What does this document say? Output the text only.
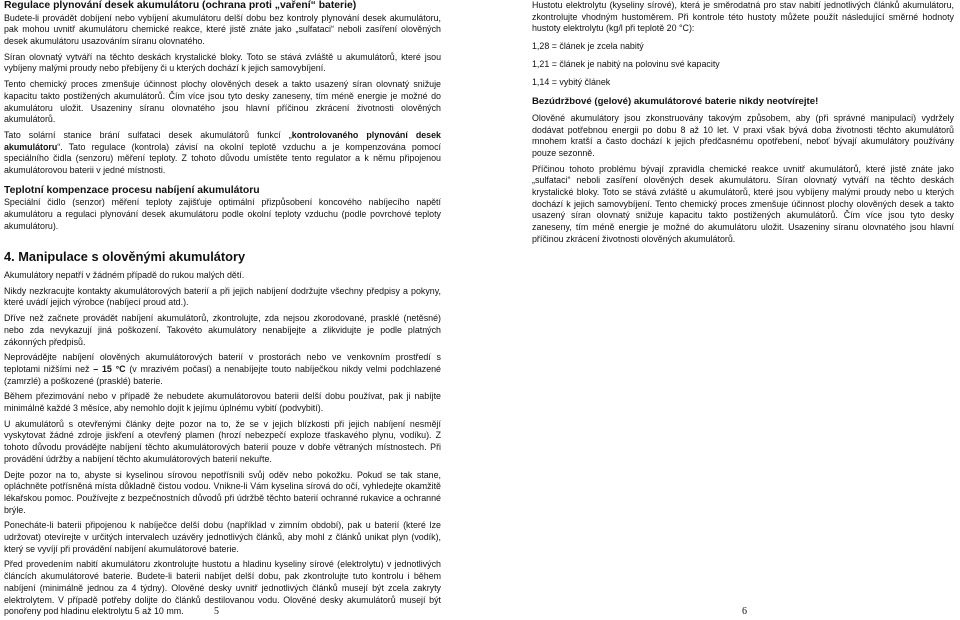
Regulace plynování desek akumulátoru (ochrana proti „vaření“ baterie)

Budete-li provádět dobíjení nebo vybíjení akumulátoru delší dobu bez kontroly plynování desek akumulátoru, pak mohou uvnitř akumulátoru chemické reakce, které jistě znáte jako „sulfataci“ neboli zasíření olověných desek akumulátoru usazováním síranu olovnatého.

Síran olovnatý vytváří na těchto deskách krystalické bloky. Toto se stává zvláště u akumulátorů, které jsou vybíjeny malými proudy nebo přebíjeny či u kterých dochází k jejich samovybíjení.

Tento chemický proces zmenšuje účinnost plochy olověných desek a takto usazený síran olovnatý snižuje kapacitu takto postižených akumulátorů. Čím více jsou tyto desky zaneseny, tím méně energie je možné do akumulátoru uložit. Usazeniny síranu olovnatého jsou hlavní příčinou zkrácení životnosti olověných akumulátorů.

Tato solární stanice brání sulfataci desek akumulátorů funkcí „kontrolovaného plynování desek akumulátoru“. Tato regulace (kontrola) závisí na okolní teplotě vzduchu a je kompenzována pomocí speciálního čidla (senzoru) měření teploty. Z tohoto důvodu umístěte tento regulator a k němu připojenou akumulátorovou baterii v jedné místnosti.

Teplotní kompenzace procesu nabíjení akumulátoru

Speciální čidlo (senzor) měření teploty zajišťuje optimální přizpůsobení koncového nabíjecího napětí akumulátoru a regulaci plynování desek akumulátoru podle okolní teploty vzduchu (podle povrchové teploty akumulátoru).

4. Manipulace s olověnými akumulátory

Akumulátory nepatří v žádném případě do rukou malých dětí.

Nikdy nezkracujte kontakty akumulátorových baterií a při jejich nabíjení dodržujte všechny předpisy a pokyny, které uvádí jejich výrobce (nabíjecí proud atd.).

Dříve než začnete provádět nabíjení akumulátorů, zkontrolujte, zda nejsou zkorodované, prasklé (netěsné) nebo zda nevykazují jiná poškození. Takovéto akumulátory nenabíjejte a zlikvidujte je podle platných zákonných předpisů.

Neprovádějte nabíjení olověných akumulátorových baterií v prostorách nebo ve venkovním prostředí s teplotami nižšími než – 15 °C (v mrazivém počasí) a nenabíjejte touto nabíječkou nikdy velmi podchlazené (zamrzlé) a poškozené (prasklé) baterie.

Během přezimování nebo v případě že nebudete akumulátorovou baterii delší dobu používat, pak ji nabíjte minimálně každé 3 měsíce, aby nemohlo dojít k jejímu úplnému vybití (podvybití).

U akumulátorů s otevřenými články dejte pozor na to, že se v jejich blízkosti při jejich nabíjení nesmějí vyskytovat žádné zdroje jiskření a otevřený plamen (hrozí nebezpečí exploze třaskavého plynu, vodíku). Z tohoto důvodu provádějte nabíjení těchto akumulátorových baterií pouze v dobře větraných místnostech. Při provádění údržby a nabíjení těchto akumulátorových baterií nekuřte.

Dejte pozor na to, abyste si kyselinou sírovou nepotřísnili svůj oděv nebo pokožku. Pokud se tak stane, opláchněte potřísněná místa důkladně čistou vodou. Vnikne-li Vám kyselina sírová do očí, vyhledejte okamžitě lékařskou pomoc. Používejte z bezpečnostních důvodů při údržbě těchto baterií ochranné rukavice a ochranné brýle.

Ponecháte-li baterii připojenou k nabíječce delší dobu (například v zimním období), pak u baterií (které lze udržovat) otevírejte v určitých intervalech uzávěry jednotlivých článků, aby mohl z článků unikat plyn (vodík), který se vyvíjí při provádění nabíjení akumulátorové baterie.

Před provedením nabití akumulátoru zkontrolujte hustotu a hladinu kyseliny sírové (elektrolytu) v jednotlivých článcích akumulátorové baterie. Budete-li baterii nabíjet delší dobu, pak zkontrolujte tuto kontrolu i během nabíjení (minimálně jednou za 4 týdny). Olověné desky uvnitř jednotlivých článků musejí být zcela zakryty elektrolytem. V případě potřeby dolijte do článků destilovanou vodu. Olověné desky akumulátorů musejí být ponořeny pod hladinu elektrolytu 5 až 10 mm.

Hustotu elektrolytu (kyseliny sírové), která je směrodatná pro stav nabití jednotlivých článků akumulátoru, zkontrolujte vhodným hustoměrem. Při kontrole této hustoty můžete použít následující směrné hodnoty hustoty elektrolytu (kg/l při teplotě 20 °C):

1,28 = článek je zcela nabitý

1,21 = článek je nabitý na polovinu své kapacity

1,14 = vybitý článek

Bezúdržbové (gelové) akumulátorové baterie nikdy neotvírejte!

Olověné akumulátory jsou zkonstruovány takovým způsobem, aby (při správné manipulaci) vydržely dodávat potřebnou energii po dobu 8 až 10 let. V praxi však bývá doba životnosti těchto akumulátorů mnohem kratší a často dochází k jejich předčasnému opotřebení, neboť bývají akumulátory používány pouze sezonně.

Příčinou tohoto problému bývají zpravidla chemické reakce uvnitř akumulátorů, které jistě znáte jako „sulfataci“ neboli zasíření olověných desek akumulátoru. Síran olovnatý vytváří na těchto deskách krystalické bloky. Toto se stává zvláště u akumulátorů, které jsou vybíjeny malými proudy nebo u kterých dochází k jejich samovybíjení. Tento chemický proces zmenšuje účinnost plochy olověných desek a takto usazený síran olovnatý snižuje kapacitu takto postižených akumulátorů. Čím více jsou tyto desky zaneseny, tím méně energie je možné do akumulátoru uložit. Usazeniny síranu olovnatého jsou hlavní příčinou zkrácení životnosti olověných akumulátorů.

5	6
